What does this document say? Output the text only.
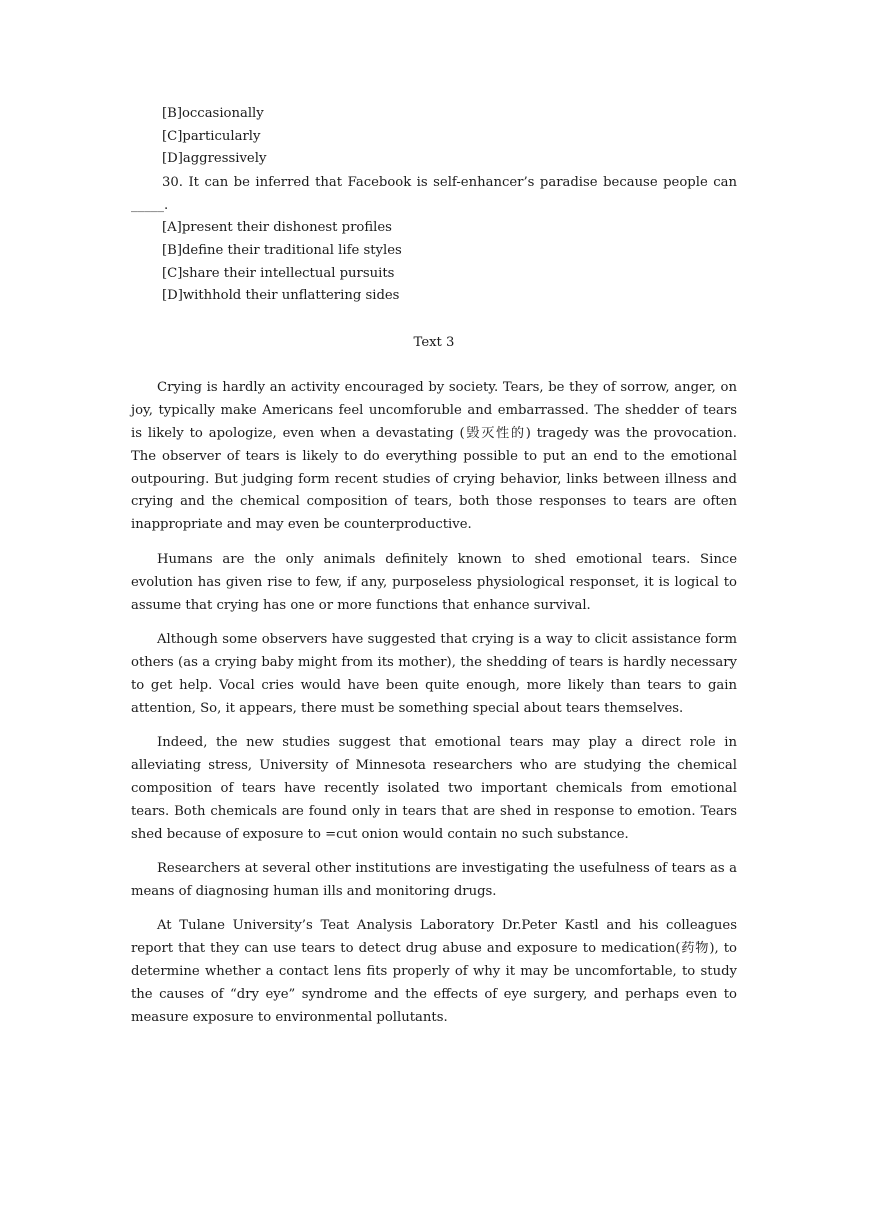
[B]occasionally
[C]particularly
[D]aggressively
30. It can be inferred that Facebook is self-enhancer’s paradise because people can _____.
[A]present their dishonest profiles
[B]define their traditional life styles
[C]share their intellectual pursuits
[D]withhold their unflattering sides
Text 3

Crying is hardly an activity encouraged by society. Tears, be they of sorrow, anger, on joy, typically make Americans feel uncomforuble and embarrassed. The shedder of tears is likely to apologize, even when a devastating (毁灭性的) tragedy was the provocation. The observer of tears is likely to do everything possible to put an end to the emotional outpouring. But judging form recent studies of crying behavior, links between illness and crying and the chemical composition of tears, both those responses to tears are often inappropriate and may even be counterproductive.

Humans are the only animals definitely known to shed emotional tears. Since evolution has given rise to few, if any, purposeless physiological responset, it is logical to assume that crying has one or more functions that enhance survival.

Although some observers have suggested that crying is a way to clicit assistance form others (as a crying baby might from its mother), the shedding of tears is hardly necessary to get help. Vocal cries would have been quite enough, more likely than tears to gain attention, So, it appears, there must be something special about tears themselves.

Indeed, the new studies suggest that emotional tears may play a direct role in alleviating stress, University of Minnesota researchers who are studying the chemical composition of tears have recently isolated two important chemicals from emotional tears. Both chemicals are found only in tears that are shed in response to emotion. Tears shed because of exposure to =cut onion would contain no such substance.

Researchers at several other institutions are investigating the usefulness of tears as a means of diagnosing human ills and monitoring drugs.

At Tulane University’s Teat Analysis Laboratory Dr.Peter Kastl and his colleagues report that they can use tears to detect drug abuse and exposure to medication(药物), to determine whether a contact lens fits properly of why it may be uncomfortable, to study the causes of “dry eye” syndrome and the effects of eye surgery, and perhaps even to measure exposure to environmental pollutants.
